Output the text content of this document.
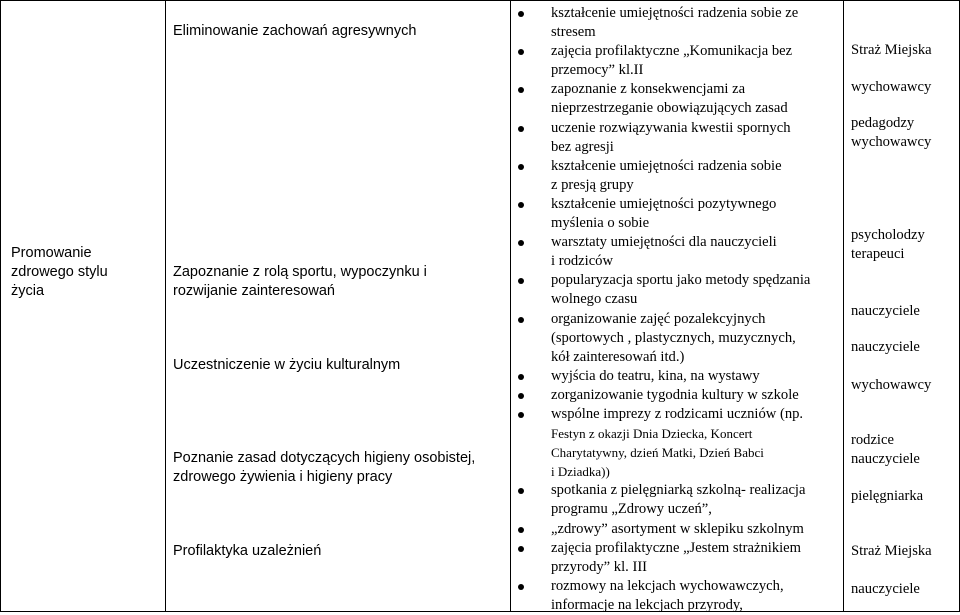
Promowanie
zdrowego stylu
życia
Eliminowanie zachowań agresywnych
Zapoznanie z rolą sportu, wypoczynku i
rozwijanie zainteresowań
Uczestniczenie w życiu kulturalnym
Poznanie zasad dotyczących higieny osobistej,
zdrowego żywienia i higieny pracy
Profilaktyka uzależnień
kształcenie umiejętności radzenia sobie ze
stresem
zajęcia profilaktyczne „Komunikacja bez
przemocy” kl.II
zapoznanie z konsekwencjami za
nieprzestrzeganie obowiązujących zasad
uczenie rozwiązywania kwestii spornych
bez agresji
kształcenie umiejętności radzenia sobie
z presją grupy
kształcenie umiejętności pozytywnego
myślenia o sobie
warsztaty umiejętności dla nauczycieli
i rodziców
popularyzacja sportu jako metody spędzania
wolnego czasu
organizowanie zajęć pozalekcyjnych
(sportowych , plastycznych, muzycznych,
kół zainteresowań itd.)
wyjścia do teatru, kina, na wystawy
zorganizowanie tygodnia kultury w szkole
wspólne imprezy z rodzicami uczniów (np.
Festyn z okazji Dnia Dziecka, Koncert
Charytatywny, dzień Matki, Dzień Babci
i Dziadka))
spotkania z pielęgniarką szkolną- realizacja
programu „Zdrowy uczeń”,
„zdrowy” asortyment w sklepiku szkolnym
zajęcia profilaktyczne „Jestem strażnikiem
przyrody” kl. III
rozmowy na lekcjach wychowawczych,
informacje na lekcjach przyrody,
Straż Miejska
wychowawcy
pedagodzy
wychowawcy
psycholodzy
terapeuci
nauczyciele
nauczyciele
wychowawcy
rodzice
nauczyciele
pielęgniarka
Straż Miejska
nauczyciele
